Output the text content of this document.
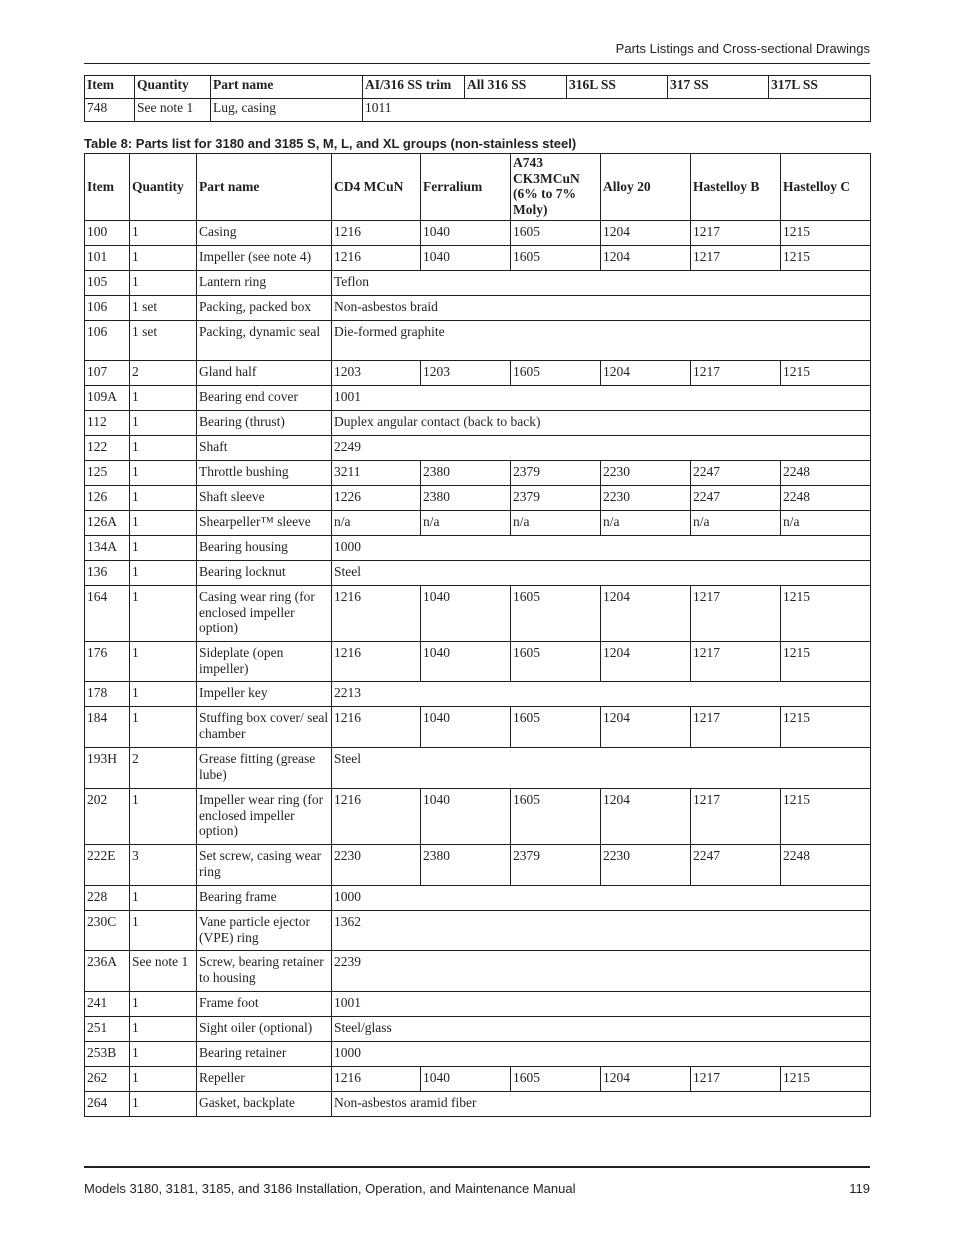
Parts Listings and Cross-sectional Drawings
Item	Quantity	Part name	AI/316 SS trim	All 316 SS	316L SS	317 SS	317L SS
748	See note 1	Lug, casing	1011				
Table 8: Parts list for 3180 and 3185 S, M, L, and XL groups (non-stainless steel)
Item	Quantity	Part name	CD4 MCuN	Ferralium	A743 CK3MCuN (6% to 7% Moly)	Alloy 20	Hastelloy B	Hastelloy C
100	1	Casing	1216	1040	1605	1204	1217	1215
101	1	Impeller (see note 4)	1216	1040	1605	1204	1217	1215
105	1	Lantern ring	Teflon					
106	1 set	Packing, packed box	Non-asbestos braid					
106	1 set	Packing, dynamic seal	Die-formed graphite					
107	2	Gland half	1203	1203	1605	1204	1217	1215
109A	1	Bearing end cover	1001					
112	1	Bearing (thrust)	Duplex angular contact (back to back)					
122	1	Shaft	2249					
125	1	Throttle bushing	3211	2380	2379	2230	2247	2248
126	1	Shaft sleeve	1226	2380	2379	2230	2247	2248
126A	1	Shearpeller™ sleeve	n/a	n/a	n/a	n/a	n/a	n/a
134A	1	Bearing housing	1000					
136	1	Bearing locknut	Steel					
164	1	Casing wear ring (for enclosed impeller option)	1216	1040	1605	1204	1217	1215
176	1	Sideplate (open impeller)	1216	1040	1605	1204	1217	1215
178	1	Impeller key	2213					
184	1	Stuffing box cover/ seal chamber	1216	1040	1605	1204	1217	1215
193H	2	Grease fitting (grease lube)	Steel					
202	1	Impeller wear ring (for enclosed impeller option)	1216	1040	1605	1204	1217	1215
222E	3	Set screw, casing wear ring	2230	2380	2379	2230	2247	2248
228	1	Bearing frame	1000					
230C	1	Vane particle ejector (VPE) ring	1362					
236A	See note 1	Screw, bearing retainer to housing	2239					
241	1	Frame foot	1001					
251	1	Sight oiler (optional)	Steel/glass					
253B	1	Bearing retainer	1000					
262	1	Repeller	1216	1040	1605	1204	1217	1215
264	1	Gasket, backplate	Non-asbestos aramid fiber					
Models 3180, 3181, 3185, and 3186 Installation, Operation, and Maintenance Manual	119
